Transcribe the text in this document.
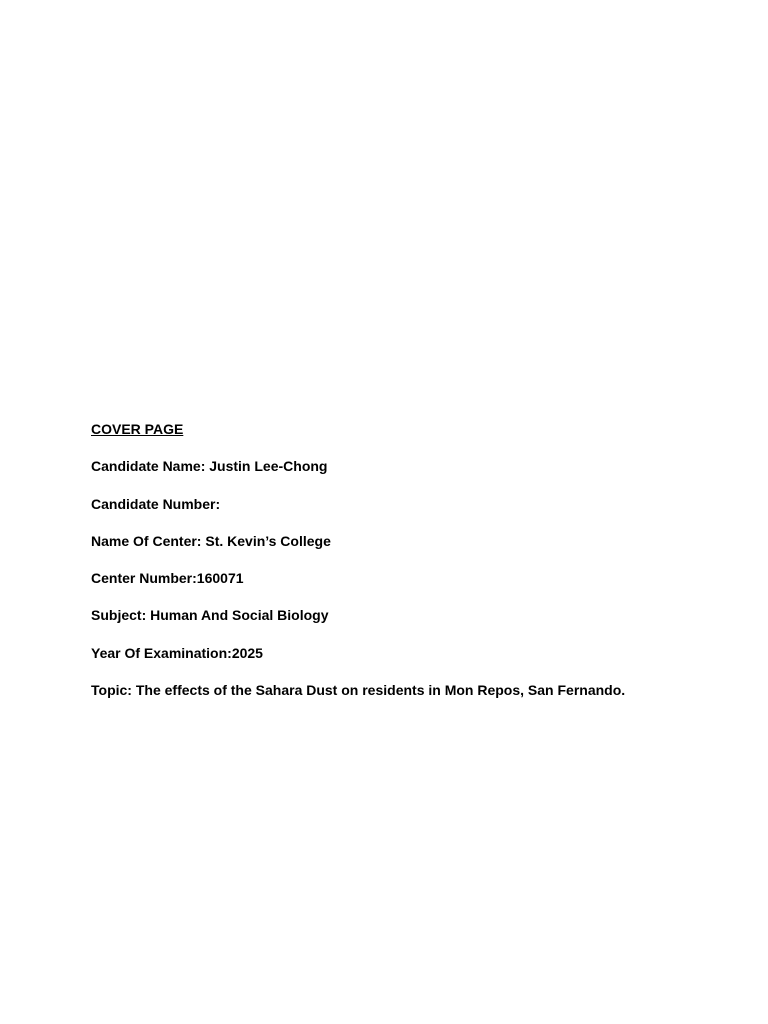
COVER PAGE
Candidate Name: Justin Lee-Chong
Candidate Number:
Name Of Center: St. Kevin’s College
Center Number:160071
Subject: Human And Social Biology
Year Of Examination:2025
Topic: The effects of the Sahara Dust on residents in Mon Repos, San Fernando.
